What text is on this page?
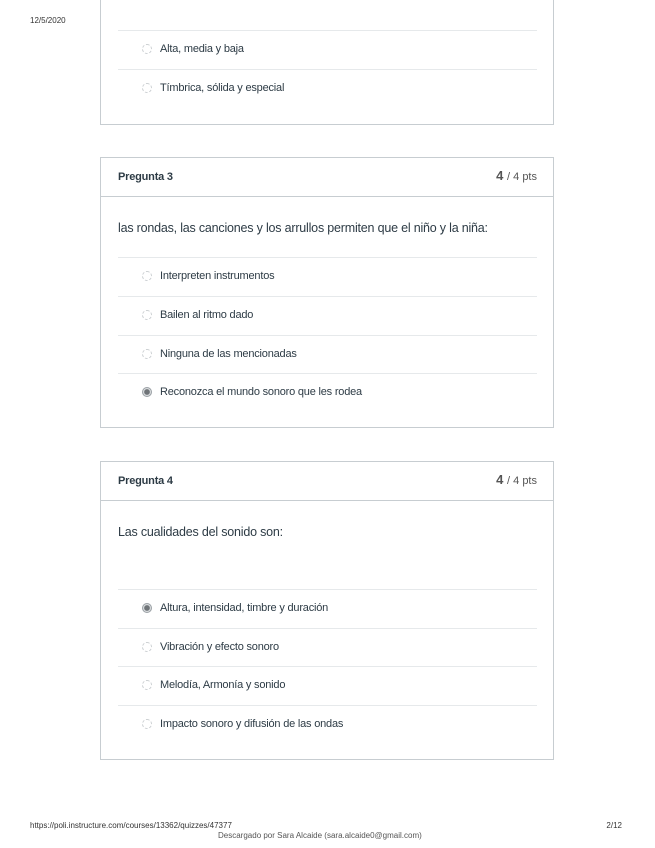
12/5/2020
Alta, media y baja
Tímbrica, sólida y especial
Pregunta 3	4 / 4 pts
las rondas, las canciones y los arrullos permiten que el niño y la niña:
Interpreten instrumentos
Bailen al ritmo dado
Ninguna de las mencionadas
Reconozca el mundo sonoro que les rodea
Pregunta 4	4 / 4 pts
Las cualidades del sonido son:
Altura, intensidad, timbre y duración
Vibración y efecto sonoro
Melodía, Armonía y sonido
Impacto sonoro y difusión de las ondas
https://poli.instructure.com/courses/13362/quizzes/47377	2/12
Descargado por Sara Alcaide (sara.alcaide0@gmail.com)
